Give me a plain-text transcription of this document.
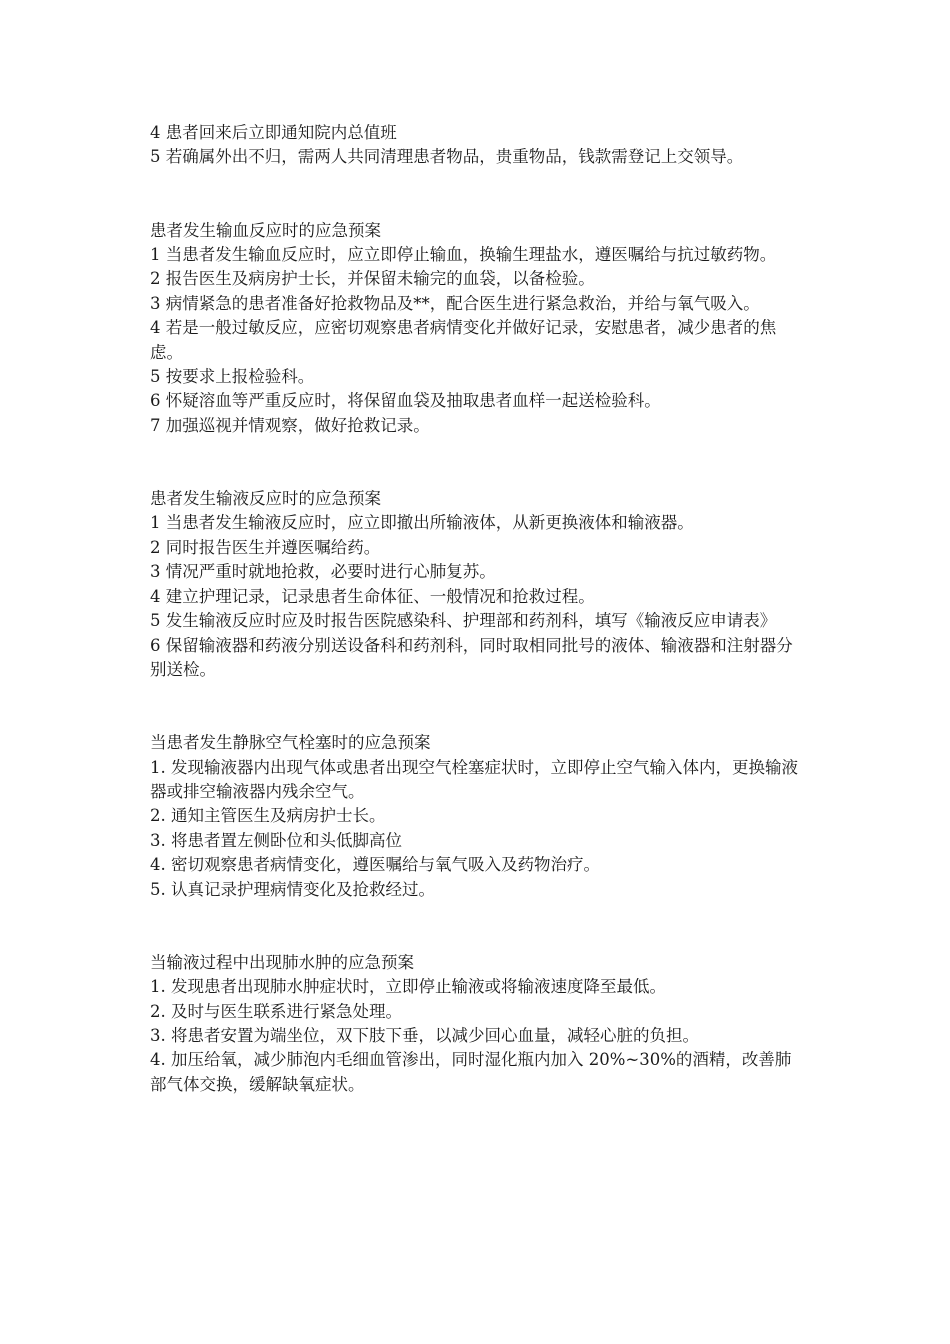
4 患者回来后立即通知院内总值班

5 若确属外出不归，需两人共同清理患者物品，贵重物品，钱款需登记上交领导。

患者发生输血反应时的应急预案

1 当患者发生输血反应时，应立即停止输血，换输生理盐水，遵医嘱给与抗过敏药物。

2 报告医生及病房护士长，并保留未输完的血袋，以备检验。

3 病情紧急的患者准备好抢救物品及**，配合医生进行紧急救治，并给与氧气吸入。

4 若是一般过敏反应，应密切观察患者病情变化并做好记录，安慰患者，减少患者的焦虑。

5 按要求上报检验科。

6 怀疑溶血等严重反应时，将保留血袋及抽取患者血样一起送检验科。

7 加强巡视并情观察，做好抢救记录。

患者发生输液反应时的应急预案

1 当患者发生输液反应时，应立即撤出所输液体，从新更换液体和输液器。

2 同时报告医生并遵医嘱给药。

3 情况严重时就地抢救，必要时进行心肺复苏。

4 建立护理记录，记录患者生命体征、一般情况和抢救过程。

5 发生输液反应时应及时报告医院感染科、护理部和药剂科，填写《输液反应申请表》

6 保留输液器和药液分别送设备科和药剂科，同时取相同批号的液体、输液器和注射器分别送检。

当患者发生静脉空气栓塞时的应急预案

1. 发现输液器内出现气体或患者出现空气栓塞症状时，立即停止空气输入体内，更换输液器或排空输液器内残余空气。

2. 通知主管医生及病房护士长。

3. 将患者置左侧卧位和头低脚高位

4. 密切观察患者病情变化，遵医嘱给与氧气吸入及药物治疗。

5. 认真记录护理病情变化及抢救经过。

当输液过程中出现肺水肿的应急预案

1. 发现患者出现肺水肿症状时，立即停止输液或将输液速度降至最低。

2. 及时与医生联系进行紧急处理。

3. 将患者安置为端坐位，双下肢下垂，以减少回心血量，减轻心脏的负担。

4. 加压给氧，减少肺泡内毛细血管渗出，同时湿化瓶内加入 20%~30%的酒精，改善肺部气体交换，缓解缺氧症状。
